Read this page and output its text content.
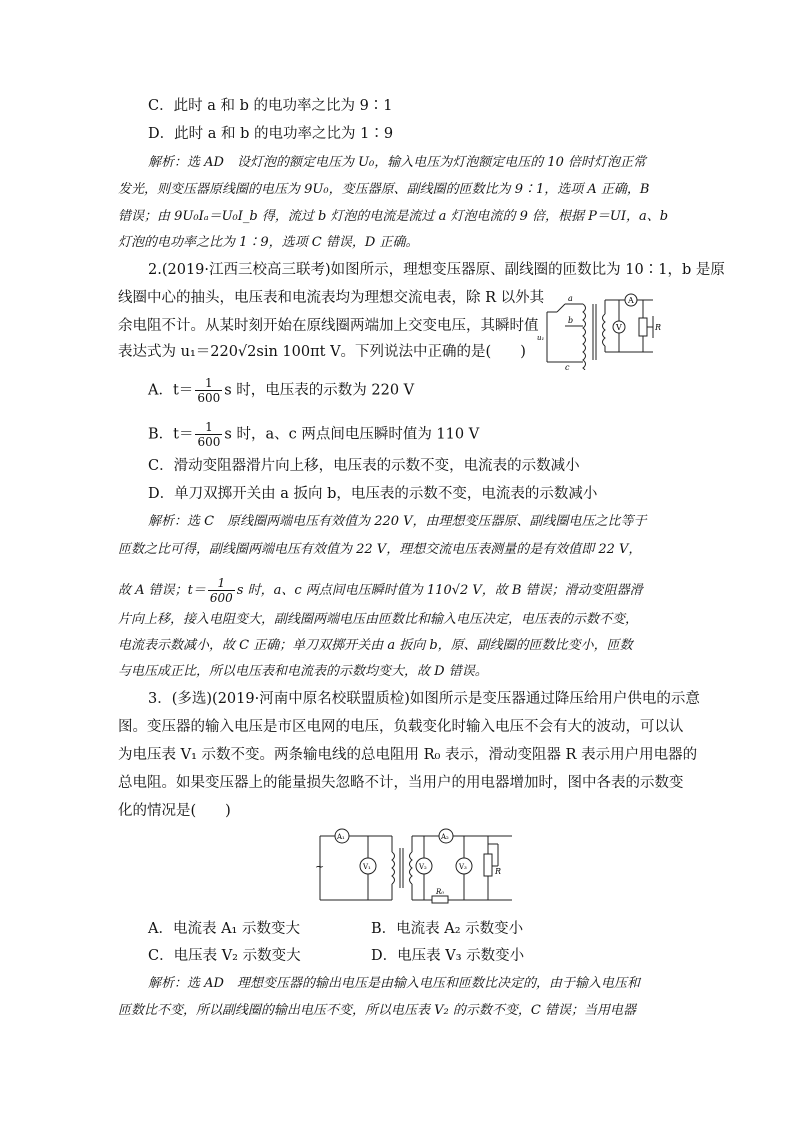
C．此时 a 和 b 的电功率之比为 9∶1
D．此时 a 和 b 的电功率之比为 1∶9
解析：选 AD　设灯泡的额定电压为 U₀，输入电压为灯泡额定电压的 10 倍时灯泡正常
发光，则变压器原线圈的电压为 9U₀，变压器原、副线圈的匝数比为 9∶1，选项 A 正确，B
错误；由 9U₀Iₐ＝U₀I_b 得，流过 b 灯泡的电流是流过 a 灯泡电流的 9 倍，根据 P＝UI，a、b
灯泡的电功率之比为 1∶9，选项 C 错误，D 正确。
2.(2019·江西三校高三联考)如图所示，理想变压器原、副线圈的匝数比为 10∶1，b 是原
线圈中心的抽头，电压表和电流表均为理想交流电表，除 R 以外其
余电阻不计。从某时刻开始在原线圈两端加上交变电压，其瞬时值
表达式为 u₁＝220√2sin 100πt V。下列说法中正确的是(　　)
A
V	R
a
b
c
u₁
A．$t= \frac{1}{600}$ s 时，电压表的示数为 220 V
B．$t= \frac{1}{600}$ s 时，a、c 两点间电压瞬时值为 110 V
C．滑动变阻器滑片向上移，电压表的示数不变，电流表的示数减小
D．单刀双掷开关由 a 扳向 b，电压表的示数不变，电流表的示数减小
解析：选 C　原线圈两端电压有效值为 220 V，由理想变压器原、副线圈电压之比等于
匝数之比可得，副线圈两端电压有效值为 22 V，理想交流电压表测量的是有效值即 22 V，
故 A 错误；$t= \frac{1}{600}$ s 时，a、c 两点间电压瞬时值为 110√2 V，故 B 错误；滑动变阻器滑
片向上移，接入电阻变大，副线圈两端电压由匝数比和输入电压决定，电压表的示数不变，
电流表示数减小，故 C 正确；单刀双掷开关由 a 扳向 b，原、副线圈的匝数比变小，匝数
与电压成正比，所以电压表和电流表的示数均变大，故 D 错误。
3．(多选)(2019·河南中原名校联盟质检)如图所示是变压器通过降压给用户供电的示意
图。变压器的输入电压是市区电网的电压，负载变化时输入电压不会有大的波动，可以认
为电压表 V₁ 示数不变。两条输电线的总电阻用 R₀ 表示，滑动变阻器 R 表示用户用电器的
总电阻。如果变压器上的能量损失忽略不计，当用户的用电器增加时，图中各表的示数变
化的情况是(　　)
A₁	A₂
V₁	V₂	V₃
R₀
R
~
A．电流表 A₁ 示数变大	B．电流表 A₂ 示数变小
C．电压表 V₂ 示数变大	D．电压表 V₃ 示数变小
解析：选 AD　理想变压器的输出电压是由输入电压和匝数比决定的，由于输入电压和
匝数比不变，所以副线圈的输出电压不变，所以电压表 V₂ 的示数不变，C 错误；当用电器
